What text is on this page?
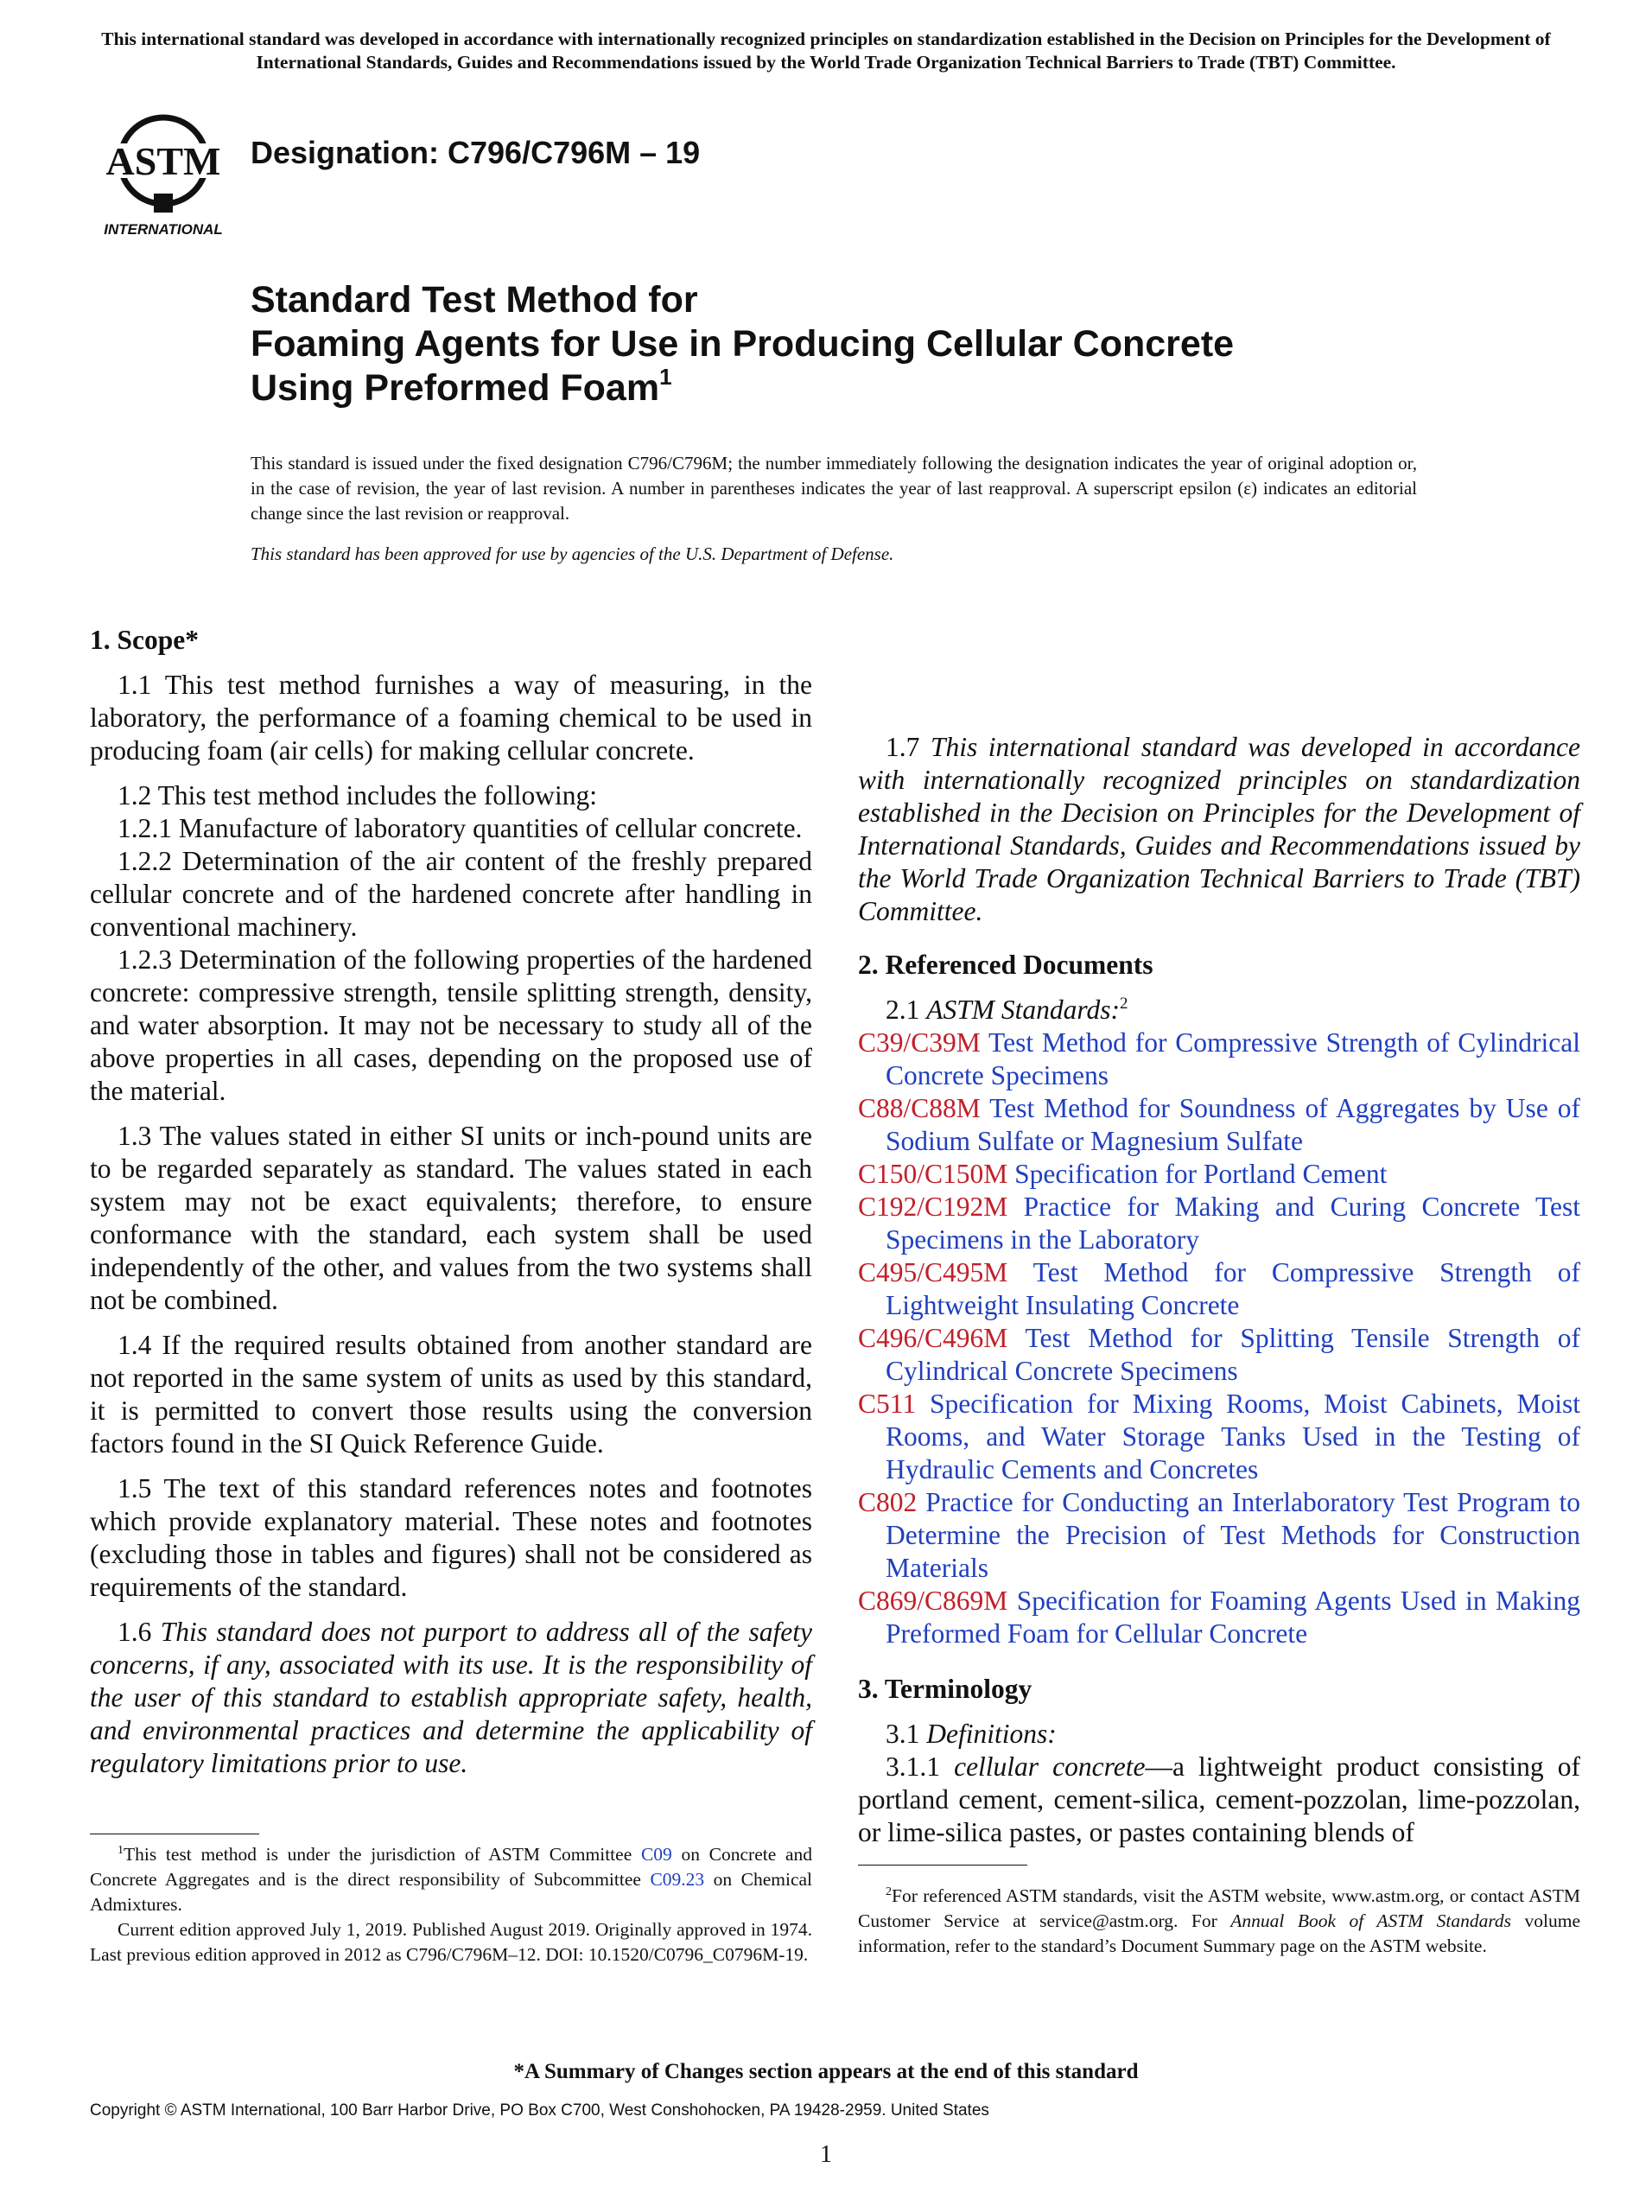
This international standard was developed in accordance with internationally recognized principles on standardization established in the Decision on Principles for the Development of International Standards, Guides and Recommendations issued by the World Trade Organization Technical Barriers to Trade (TBT) Committee.
ASTM
INTERNATIONAL
Designation: C796/C796M – 19
Standard Test Method for
Foaming Agents for Use in Producing Cellular Concrete
Using Preformed Foam$^1$

This standard is issued under the fixed designation C796/C796M; the number immediately following the designation indicates the year of original adoption or, in the case of revision, the year of last revision. A number in parentheses indicates the year of last reapproval. A superscript epsilon (ε) indicates an editorial change since the last revision or reapproval.

This standard has been approved for use by agencies of the U.S. Department of Defense.

1. Scope*

1.1 This test method furnishes a way of measuring, in the laboratory, the performance of a foaming chemical to be used in producing foam (air cells) for making cellular concrete.

1.2 This test method includes the following:

1.2.1 Manufacture of laboratory quantities of cellular concrete.

1.2.2 Determination of the air content of the freshly prepared cellular concrete and of the hardened concrete after handling in conventional machinery.

1.2.3 Determination of the following properties of the hardened concrete: compressive strength, tensile splitting strength, density, and water absorption. It may not be necessary to study all of the above properties in all cases, depending on the proposed use of the material.

1.3 The values stated in either SI units or inch-pound units are to be regarded separately as standard. The values stated in each system may not be exact equivalents; therefore, to ensure conformance with the standard, each system shall be used independently of the other, and values from the two systems shall not be combined.

1.4 If the required results obtained from another standard are not reported in the same system of units as used by this standard, it is permitted to convert those results using the conversion factors found in the SI Quick Reference Guide.

1.5 The text of this standard references notes and footnotes which provide explanatory material. These notes and footnotes (excluding those in tables and figures) shall not be considered as requirements of the standard.

1.6 This standard does not purport to address all of the safety concerns, if any, associated with its use. It is the responsibility of the user of this standard to establish appropriate safety, health, and environmental practices and determine the applicability of regulatory limitations prior to use.

1.7 This international standard was developed in accordance with internationally recognized principles on standardization established in the Decision on Principles for the Development of International Standards, Guides and Recommendations issued by the World Trade Organization Technical Barriers to Trade (TBT) Committee.

2. Referenced Documents

2.1 ASTM Standards:$^2$

C39/C39M Test Method for Compressive Strength of Cylindrical Concrete Specimens

C88/C88M Test Method for Soundness of Aggregates by Use of Sodium Sulfate or Magnesium Sulfate

C150/C150M Specification for Portland Cement

C192/C192M Practice for Making and Curing Concrete Test Specimens in the Laboratory

C495/C495M Test Method for Compressive Strength of Lightweight Insulating Concrete

C496/C496M Test Method for Splitting Tensile Strength of Cylindrical Concrete Specimens

C511 Specification for Mixing Rooms, Moist Cabinets, Moist Rooms, and Water Storage Tanks Used in the Testing of Hydraulic Cements and Concretes

C802 Practice for Conducting an Interlaboratory Test Program to Determine the Precision of Test Methods for Construction Materials

C869/C869M Specification for Foaming Agents Used in Making Preformed Foam for Cellular Concrete

3. Terminology

3.1 Definitions:

3.1.1 cellular concrete—a lightweight product consisting of portland cement, cement-silica, cement-pozzolan, lime-pozzolan, or lime-silica pastes, or pastes containing blends of

$^1$This test method is under the jurisdiction of ASTM Committee C09 on Concrete and Concrete Aggregates and is the direct responsibility of Subcommittee C09.23 on Chemical Admixtures.

Current edition approved July 1, 2019. Published August 2019. Originally approved in 1974. Last previous edition approved in 2012 as C796/C796M–12. DOI: 10.1520/C0796_C0796M-19.

$^2$For referenced ASTM standards, visit the ASTM website, www.astm.org, or contact ASTM Customer Service at service@astm.org. For Annual Book of ASTM Standards volume information, refer to the standard’s Document Summary page on the ASTM website.

*A Summary of Changes section appears at the end of this standard
Copyright © ASTM International, 100 Barr Harbor Drive, PO Box C700, West Conshohocken, PA 19428-2959. United States
1
